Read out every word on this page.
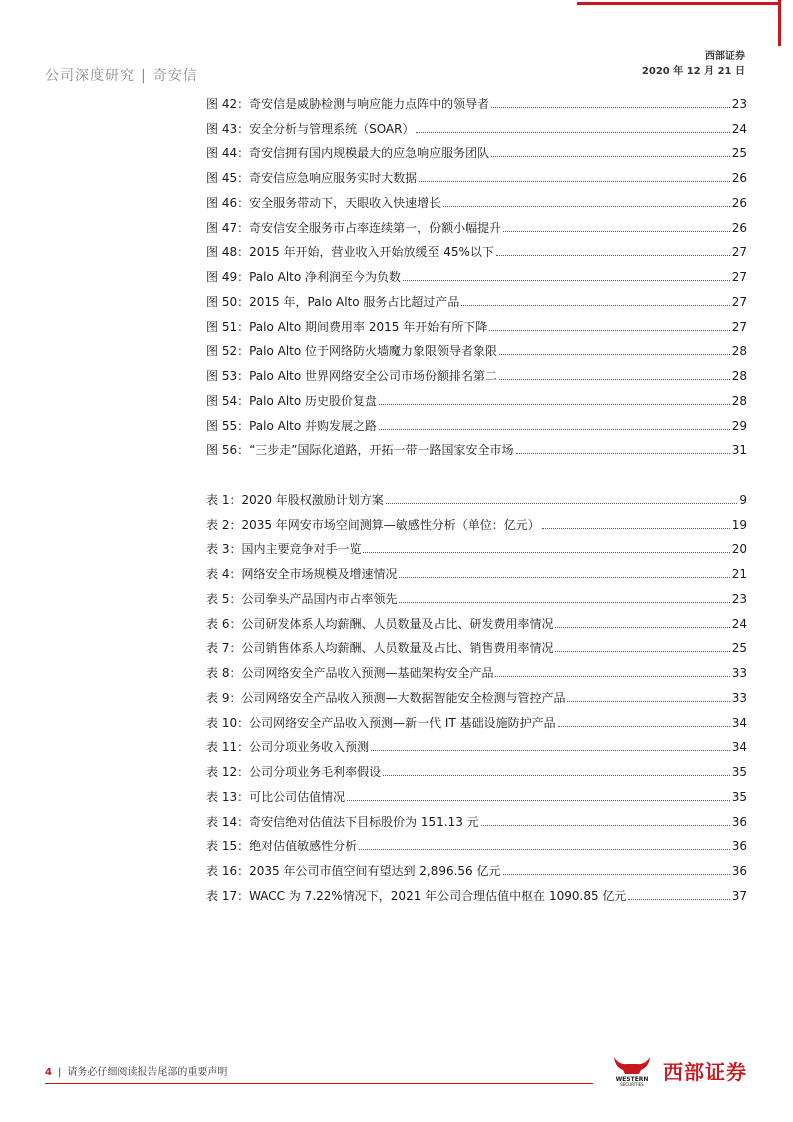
公司深度研究 | 奇安信
西部证券
2020 年 12 月 21 日
图 42：奇安信是威胁检测与响应能力点阵中的领导者	23
图 43：安全分析与管理系统（SOAR）	24
图 44：奇安信拥有国内规模最大的应急响应服务团队	25
图 45：奇安信应急响应服务实时大数据	26
图 46：安全服务带动下，天眼收入快速增长	26
图 47：奇安信安全服务市占率连续第一，份额小幅提升	26
图 48：2015 年开始，营业收入开始放缓至 45%以下	27
图 49：Palo Alto 净利润至今为负数	27
图 50：2015 年，Palo Alto 服务占比超过产品	27
图 51：Palo Alto 期间费用率 2015 年开始有所下降	27
图 52：Palo Alto 位于网络防火墙魔力象限领导者象限	28
图 53：Palo Alto 世界网络安全公司市场份额排名第二	28
图 54：Palo Alto 历史股价复盘	28
图 55：Palo Alto 并购发展之路	29
图 56：“三步走”国际化道路，开拓一带一路国家安全市场	31
表 1：2020 年股权激励计划方案	9
表 2：2035 年网安市场空间测算—敏感性分析（单位：亿元）	19
表 3：国内主要竞争对手一览	20
表 4：网络安全市场规模及增速情况	21
表 5：公司拳头产品国内市占率领先	23
表 6：公司研发体系人均薪酬、人员数量及占比、研发费用率情况	24
表 7：公司销售体系人均薪酬、人员数量及占比、销售费用率情况	25
表 8：公司网络安全产品收入预测—基础架构安全产品	33
表 9：公司网络安全产品收入预测—大数据智能安全检测与管控产品	33
表 10：公司网络安全产品收入预测—新一代 IT 基础设施防护产品	34
表 11：公司分项业务收入预测	34
表 12：公司分项业务毛利率假设	35
表 13：可比公司估值情况	35
表 14：奇安信绝对估值法下目标股价为 151.13 元	36
表 15：绝对估值敏感性分析	36
表 16：2035 年公司市值空间有望达到 2,896.56 亿元	36
表 17：WACC 为 7.22%情况下，2021 年公司合理估值中枢在 1090.85 亿元	37
4 | 请务必仔细阅读报告尾部的重要声明
WESTERN
SECURITIES
西部证券
